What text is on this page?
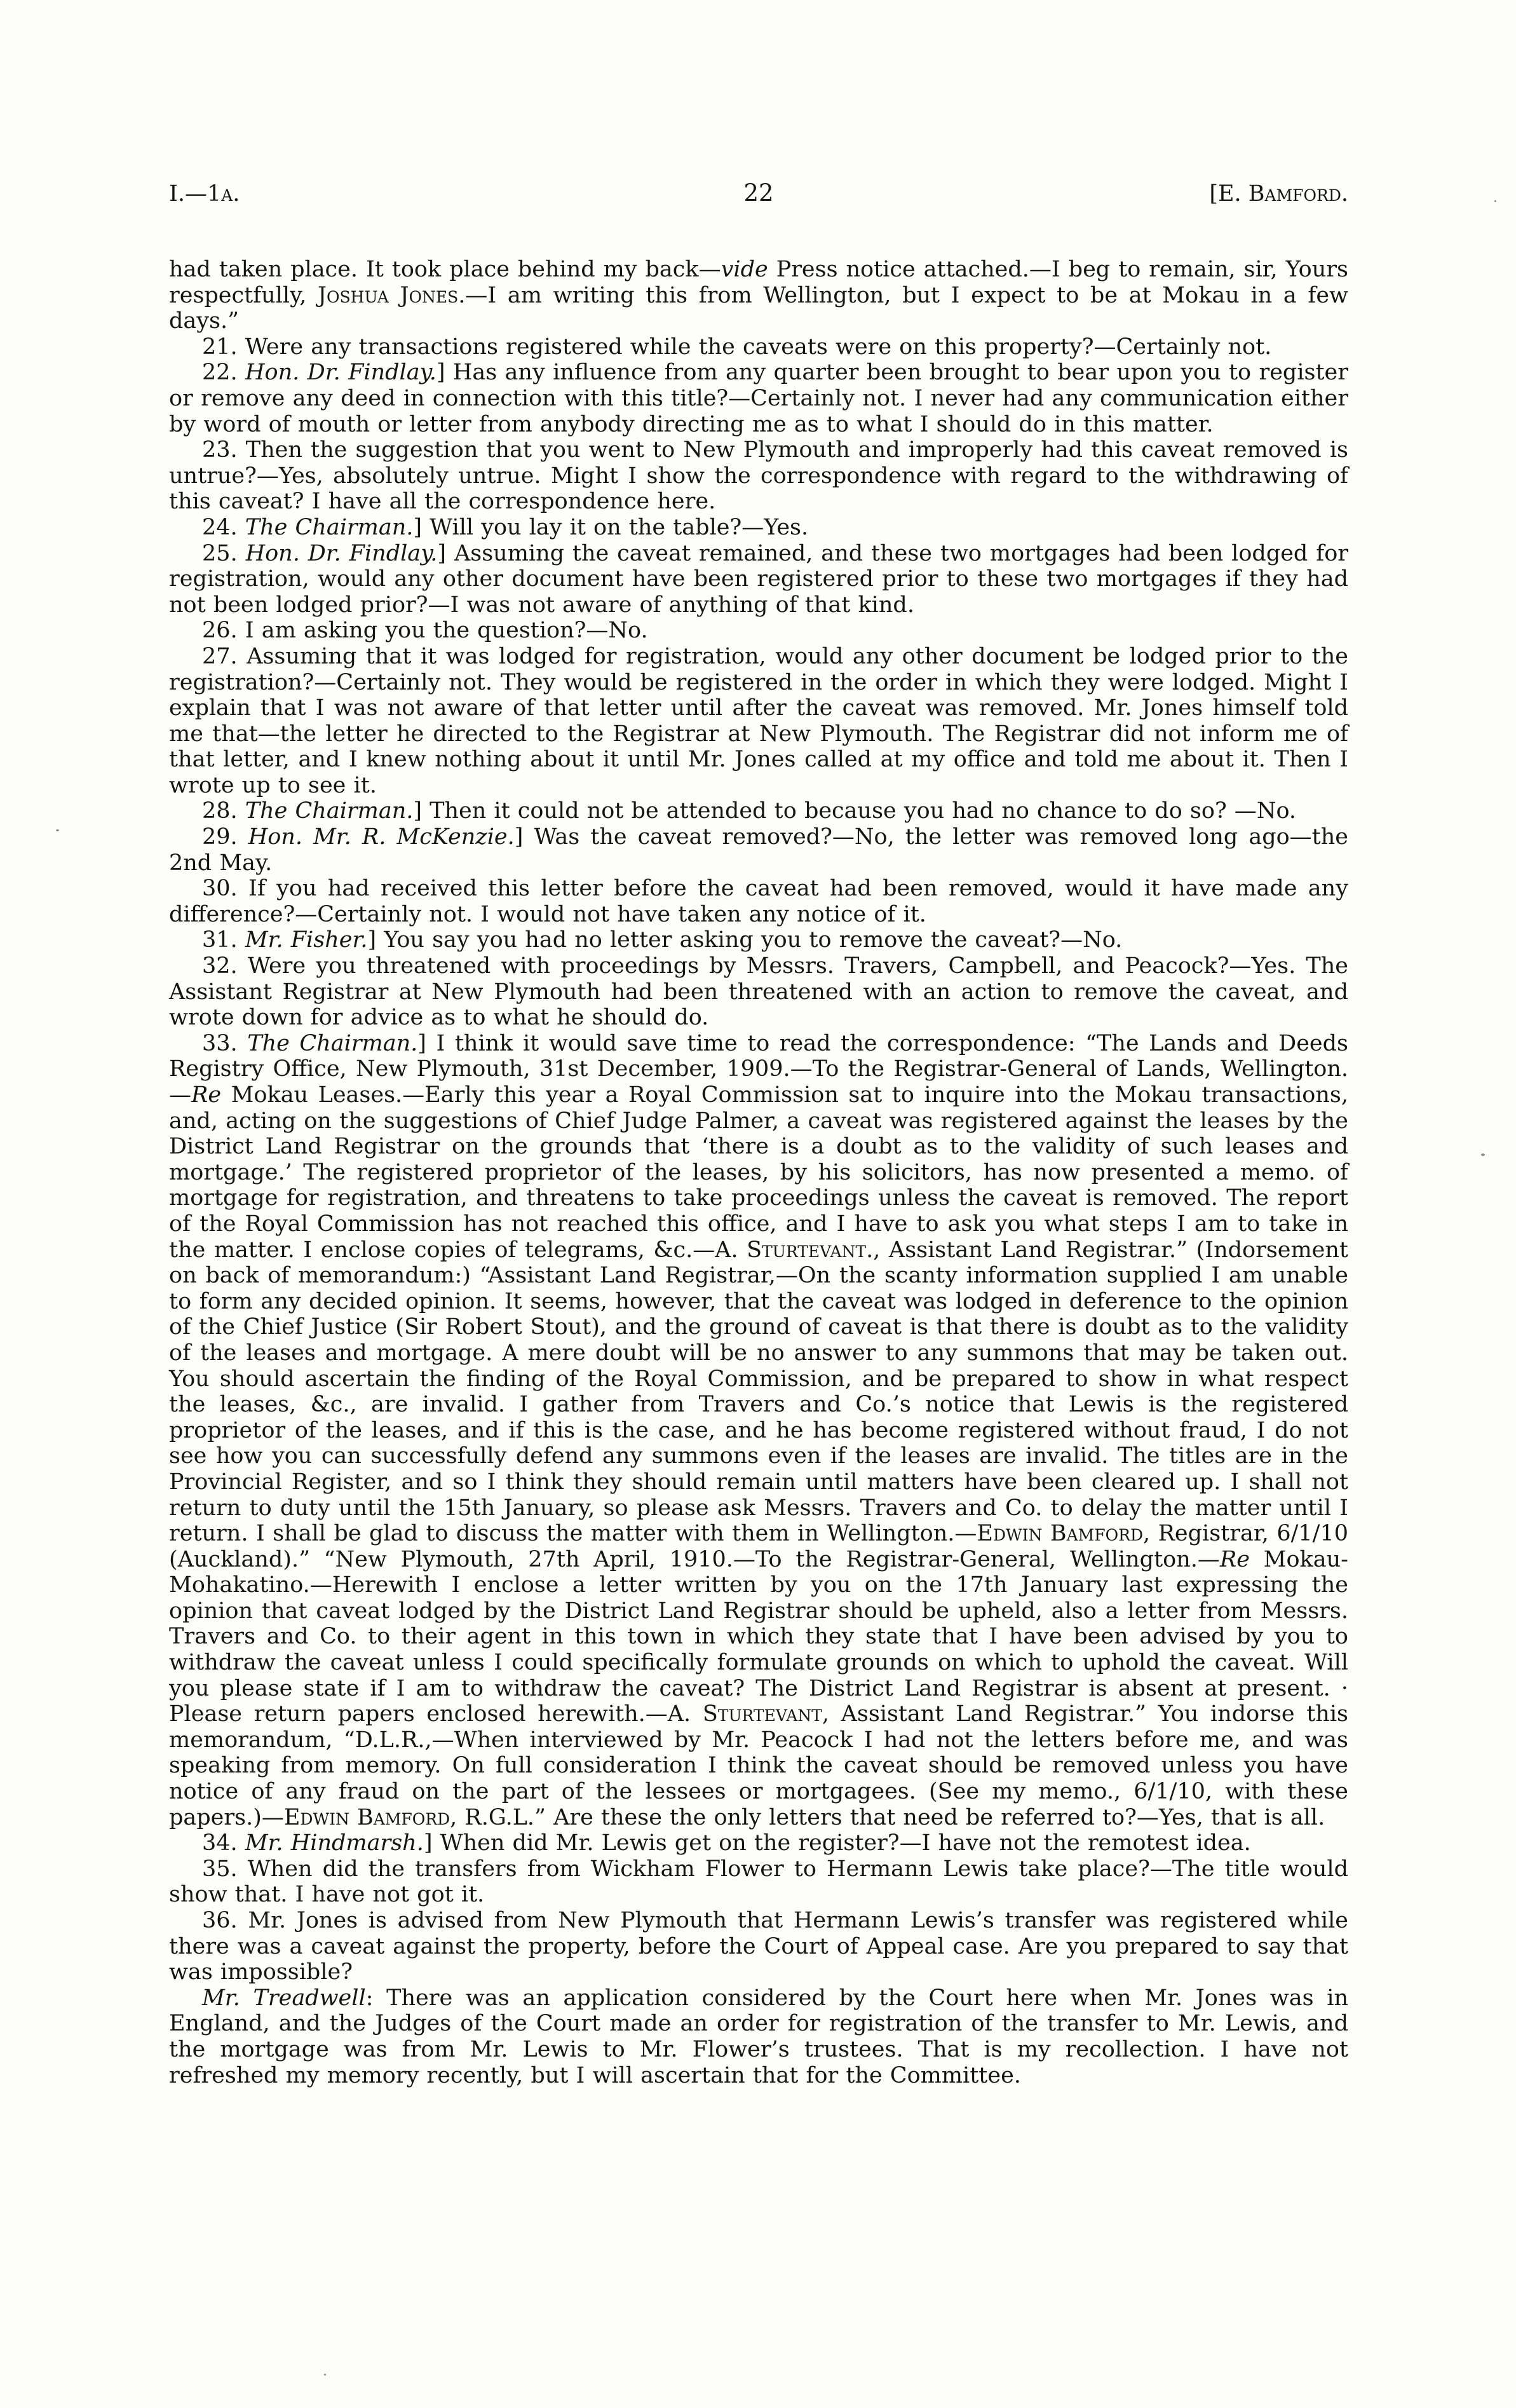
I.—1a.	22	[E. Bamford.

had taken place. It took place behind my back—vide Press notice attached.—I beg to remain, sir, Yours respectfully, Joshua Jones.—I am writing this from Wellington, but I expect to be at Mokau in a few days.”

21. Were any transactions registered while the caveats were on this property?—Certainly not.

22. Hon. Dr. Findlay.] Has any influence from any quarter been brought to bear upon you to register or remove any deed in connection with this title?—Certainly not. I never had any communication either by word of mouth or letter from anybody directing me as to what I should do in this matter.

23. Then the suggestion that you went to New Plymouth and improperly had this caveat removed is untrue?—Yes, absolutely untrue. Might I show the correspondence with regard to the withdrawing of this caveat? I have all the correspondence here.

24. The Chairman.] Will you lay it on the table?—Yes.

25. Hon. Dr. Findlay.] Assuming the caveat remained, and these two mortgages had been lodged for registration, would any other document have been registered prior to these two mortgages if they had not been lodged prior?—I was not aware of anything of that kind.

26. I am asking you the question?—No.

27. Assuming that it was lodged for registration, would any other document be lodged prior to the registration?—Certainly not. They would be registered in the order in which they were lodged. Might I explain that I was not aware of that letter until after the caveat was removed. Mr. Jones himself told me that—the letter he directed to the Registrar at New Plymouth. The Registrar did not inform me of that letter, and I knew nothing about it until Mr. Jones called at my office and told me about it. Then I wrote up to see it.

28. The Chairman.] Then it could not be attended to because you had no chance to do so? —No.

29. Hon. Mr. R. McKenzie.] Was the caveat removed?—No, the letter was removed long ago—the 2nd May.

30. If you had received this letter before the caveat had been removed, would it have made any difference?—Certainly not. I would not have taken any notice of it.

31. Mr. Fisher.] You say you had no letter asking you to remove the caveat?—No.

32. Were you threatened with proceedings by Messrs. Travers, Campbell, and Peacock?—Yes. The Assistant Registrar at New Plymouth had been threatened with an action to remove the caveat, and wrote down for advice as to what he should do.

33. The Chairman.] I think it would save time to read the correspondence: “The Lands and Deeds Registry Office, New Plymouth, 31st December, 1909.—To the Registrar-General of Lands, Wellington.—Re Mokau Leases.—Early this year a Royal Commission sat to inquire into the Mokau transactions, and, acting on the suggestions of Chief Judge Palmer, a caveat was registered against the leases by the District Land Registrar on the grounds that ‘there is a doubt as to the validity of such leases and mortgage.’ The registered proprietor of the leases, by his solicitors, has now presented a memo. of mortgage for registration, and threatens to take proceedings unless the caveat is removed. The report of the Royal Commission has not reached this office, and I have to ask you what steps I am to take in the matter. I enclose copies of telegrams, &c.—A. Sturtevant., Assistant Land Registrar.” (Indorsement on back of memorandum:) “Assistant Land Registrar,—On the scanty information supplied I am unable to form any decided opinion. It seems, however, that the caveat was lodged in deference to the opinion of the Chief Justice (Sir Robert Stout), and the ground of caveat is that there is doubt as to the validity of the leases and mortgage. A mere doubt will be no answer to any summons that may be taken out. You should ascertain the finding of the Royal Commission, and be prepared to show in what respect the leases, &c., are invalid. I gather from Travers and Co.’s notice that Lewis is the registered proprietor of the leases, and if this is the case, and he has become registered without fraud, I do not see how you can successfully defend any summons even if the leases are invalid. The titles are in the Provincial Register, and so I think they should remain until matters have been cleared up. I shall not return to duty until the 15th January, so please ask Messrs. Travers and Co. to delay the matter until I return. I shall be glad to discuss the matter with them in Wellington.—Edwin Bamford, Registrar, 6/1/10 (Auckland).” “New Plymouth, 27th April, 1910.—To the Registrar-General, Wellington.—Re Mokau-Mohakatino.—Herewith I enclose a letter written by you on the 17th January last expressing the opinion that caveat lodged by the District Land Registrar should be upheld, also a letter from Messrs. Travers and Co. to their agent in this town in which they state that I have been advised by you to withdraw the caveat unless I could specifically formulate grounds on which to uphold the caveat. Will you please state if I am to withdraw the caveat? The District Land Registrar is absent at present. · Please return papers enclosed herewith.—A. Sturtevant, Assistant Land Registrar.” You indorse this memorandum, “D.L.R.,—When interviewed by Mr. Peacock I had not the letters before me, and was speaking from memory. On full consideration I think the caveat should be removed unless you have notice of any fraud on the part of the lessees or mortgagees. (See my memo., 6/1/10, with these papers.)—Edwin Bamford, R.G.L.” Are these the only letters that need be referred to?—Yes, that is all.

34. Mr. Hindmarsh.] When did Mr. Lewis get on the register?—I have not the remotest idea.

35. When did the transfers from Wickham Flower to Hermann Lewis take place?—The title would show that. I have not got it.

36. Mr. Jones is advised from New Plymouth that Hermann Lewis’s transfer was registered while there was a caveat against the property, before the Court of Appeal case. Are you prepared to say that was impossible?

Mr. Treadwell: There was an application considered by the Court here when Mr. Jones was in England, and the Judges of the Court made an order for registration of the transfer to Mr. Lewis, and the mortgage was from Mr. Lewis to Mr. Flower’s trustees. That is my recollection. I have not refreshed my memory recently, but I will ascertain that for the Committee.
